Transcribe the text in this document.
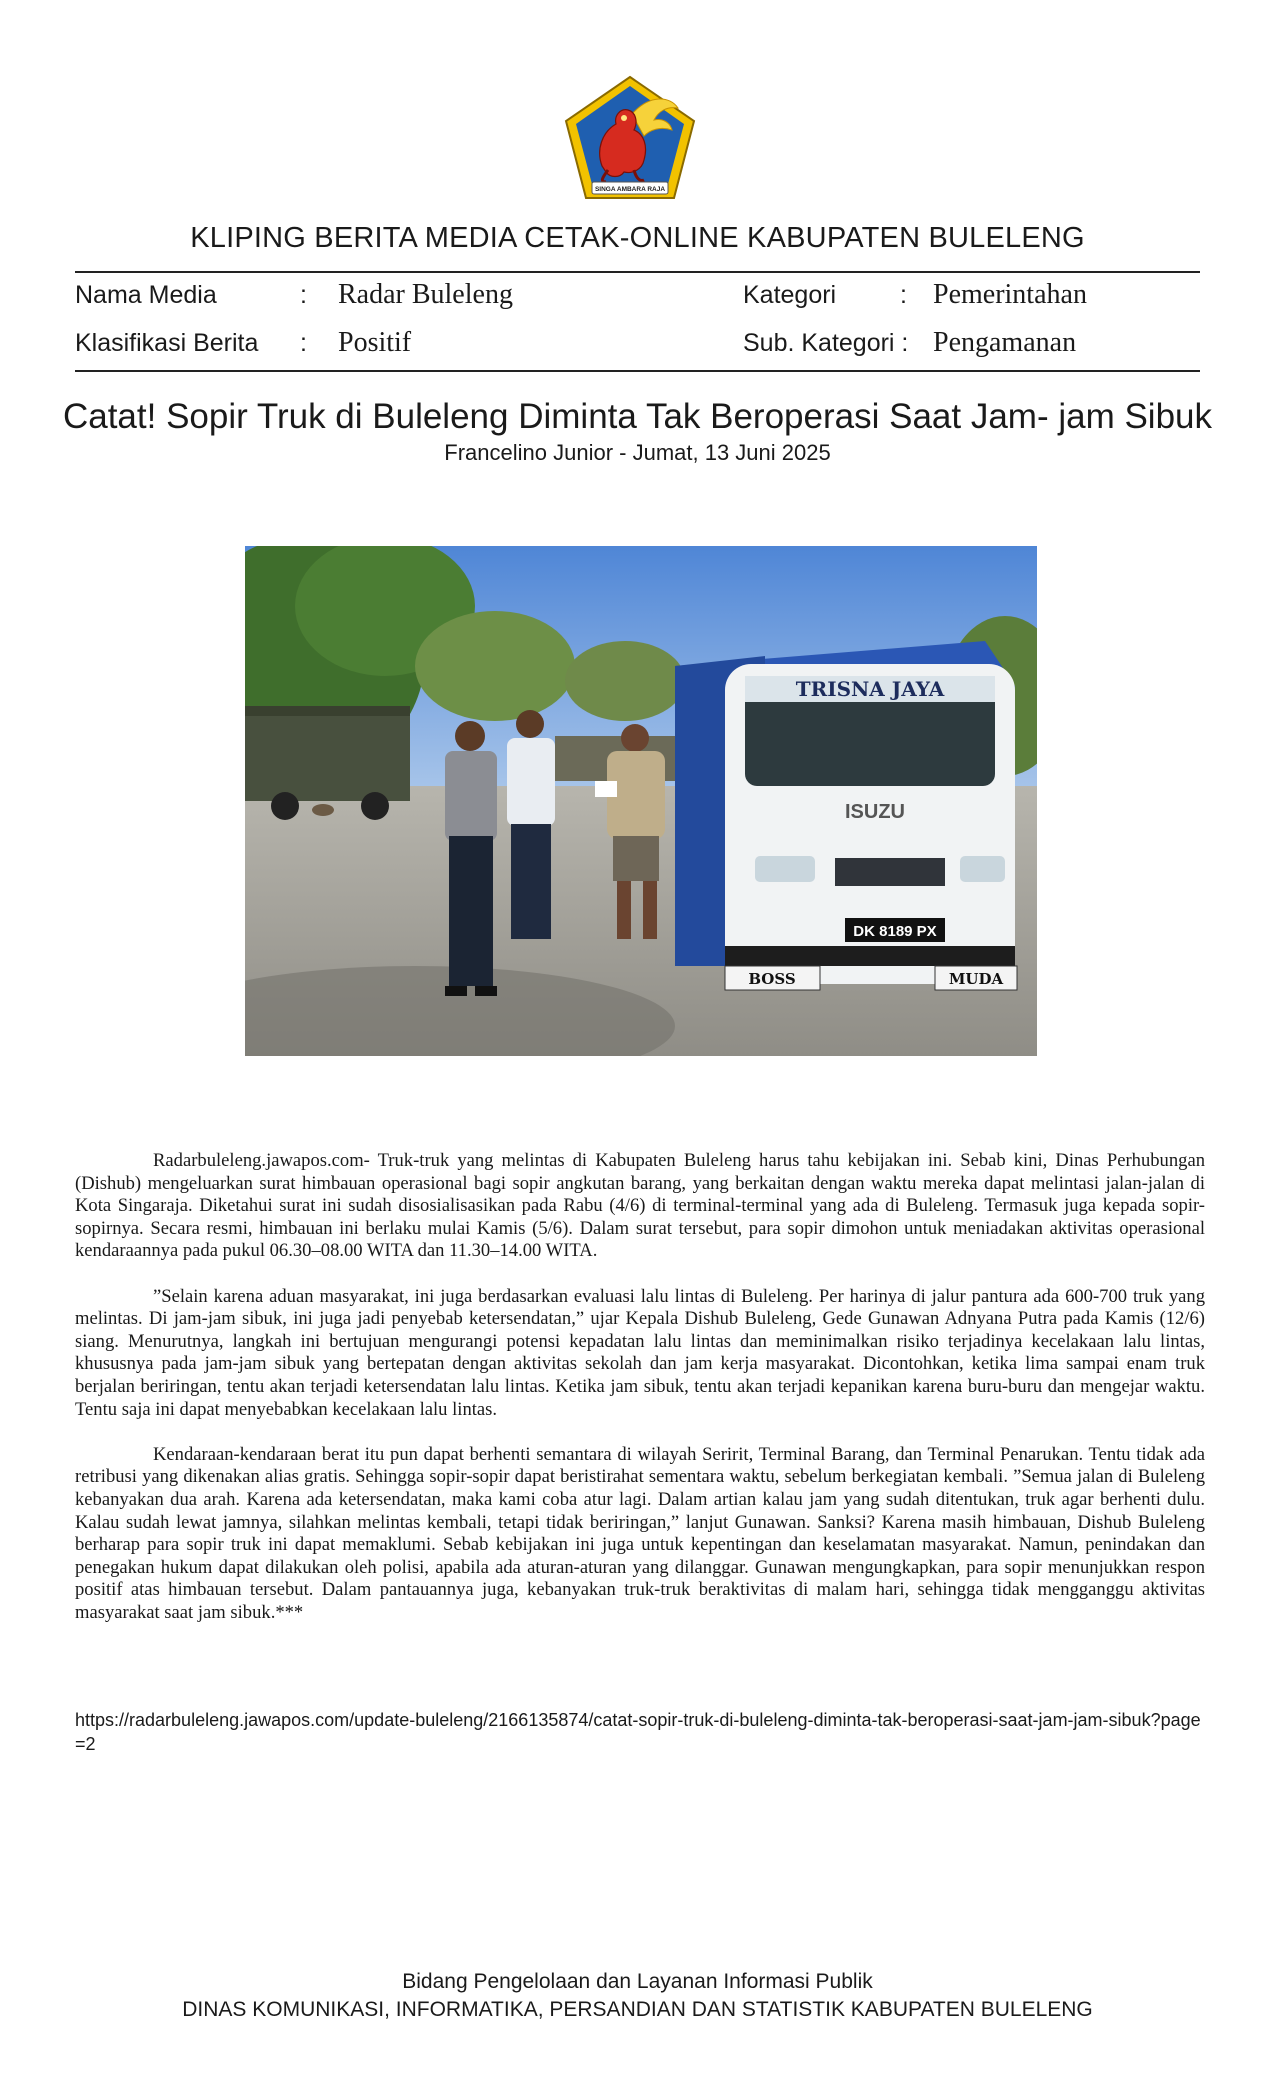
SINGA AMBARA RAJA
KLIPING BERITA MEDIA CETAK-ONLINE KABUPATEN BULELENG
Nama Media	: Radar Buleleng
Klasifikasi Berita : Positif
Kategori	: Pemerintahan
Sub. Kategori : Pengamanan
Catat! Sopir Truk di Buleleng Diminta Tak Beroperasi Saat Jam- jam Sibuk
Francelino Junior - Jumat, 13 Juni 2025
TRISNA JAYA
ISUZU
DK 8189 PX
BOSS	MUDA

Radarbuleleng.jawapos.com- Truk-truk yang melintas di Kabupaten Buleleng harus tahu kebijakan ini. Sebab kini, Dinas Perhubungan (Dishub) mengeluarkan surat himbauan operasional bagi sopir angkutan barang, yang berkaitan dengan waktu mereka dapat melintasi jalan-jalan di Kota Singaraja. Diketahui surat ini sudah disosialisasikan pada Rabu (4/6) di terminal-terminal yang ada di Buleleng. Termasuk juga kepada sopir-sopirnya. Secara resmi, himbauan ini berlaku mulai Kamis (5/6). Dalam surat tersebut, para sopir dimohon untuk meniadakan aktivitas operasional kendaraannya pada pukul 06.30–08.00 WITA dan 11.30–14.00 WITA.

”Selain karena aduan masyarakat, ini juga berdasarkan evaluasi lalu lintas di Buleleng. Per harinya di jalur pantura ada 600-700 truk yang melintas. Di jam-jam sibuk, ini juga jadi penyebab ketersendatan,” ujar Kepala Dishub Buleleng, Gede Gunawan Adnyana Putra pada Kamis (12/6) siang. Menurutnya, langkah ini bertujuan mengurangi potensi kepadatan lalu lintas dan meminimalkan risiko terjadinya kecelakaan lalu lintas, khususnya pada jam-jam sibuk yang bertepatan dengan aktivitas sekolah dan jam kerja masyarakat. Dicontohkan, ketika lima sampai enam truk berjalan beriringan, tentu akan terjadi ketersendatan lalu lintas. Ketika jam sibuk, tentu akan terjadi kepanikan karena buru-buru dan mengejar waktu. Tentu saja ini dapat menyebabkan kecelakaan lalu lintas.

Kendaraan-kendaraan berat itu pun dapat berhenti semantara di wilayah Seririt, Terminal Barang, dan Terminal Penarukan. Tentu tidak ada retribusi yang dikenakan alias gratis. Sehingga sopir-sopir dapat beristirahat sementara waktu, sebelum berkegiatan kembali. ”Semua jalan di Buleleng kebanyakan dua arah. Karena ada ketersendatan, maka kami coba atur lagi. Dalam artian kalau jam yang sudah ditentukan, truk agar berhenti dulu. Kalau sudah lewat jamnya, silahkan melintas kembali, tetapi tidak beriringan,” lanjut Gunawan. Sanksi? Karena masih himbauan, Dishub Buleleng berharap para sopir truk ini dapat memaklumi. Sebab kebijakan ini juga untuk kepentingan dan keselamatan masyarakat. Namun, penindakan dan penegakan hukum dapat dilakukan oleh polisi, apabila ada aturan-aturan yang dilanggar. Gunawan mengungkapkan, para sopir menunjukkan respon positif atas himbauan tersebut. Dalam pantauannya juga, kebanyakan truk-truk beraktivitas di malam hari, sehingga tidak mengganggu aktivitas masyarakat saat jam sibuk.***

https://radarbuleleng.jawapos.com/update-buleleng/2166135874/catat-sopir-truk-di-buleleng-diminta-tak-beroperasi-saat-jam-jam-sibuk?page=2
Bidang Pengelolaan dan Layanan Informasi Publik
DINAS KOMUNIKASI, INFORMATIKA, PERSANDIAN DAN STATISTIK KABUPATEN BULELENG
